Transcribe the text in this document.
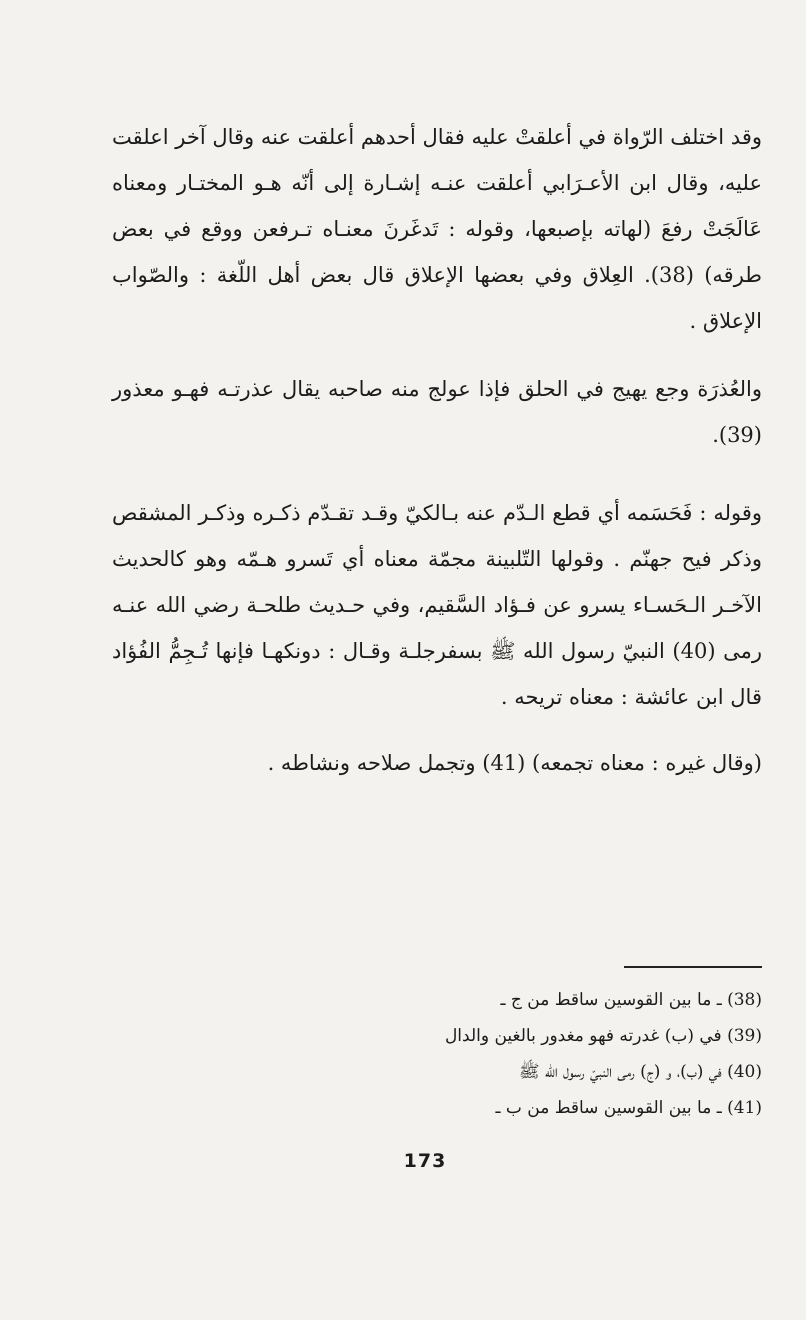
وقد اختلف الرّواة في أعلقتْ عليه فقال أحدهم أعلقت عنه وقال آخر اعلقت عليه، وقال ابن الأعـرَابي أعلقت عنـه إشـارة إلى أنّه هـو المختـار ومعناه عَالَجَتْ رفعَ (لهاته بإصبعها، وقوله : تَدغَرنَ معنـاه تـرفعن ووقع في بعض طرقه) (38). العِلاق وفي بعضها الإعلاق قال بعض أهل اللّغة : والصّواب الإعلاق .

والعُذرَة وجع يهيج في الحلق فإذا عولج منه صاحبه يقال عذرتـه فهـو معذور (39).

وقوله : فَحَسَمه أي قطع الـدّم عنه بـالكيّ وقـد تقـدّم ذكـره وذكـر المشقص وذكر فيح جهنّم . وقولها التّلبينة مجمّة معناه أي تَسرو هـمّه وهو كالحديث الآخـر الـحَسـاء يسرو عن فـؤاد السَّقيم، وفي حـديث طلحـة رضي الله عنـه رمى (40) النبيّ رسول الله ﷺ بسفرجلـة وقـال : دونكهـا فإنها تُـجِمُّ الفُؤاد قال ابن عائشة : معناه تريحه .

(وقال غيره : معناه تجمعه) (41) وتجمل صلاحه ونشاطه .

(38) ـ ما بين القوسين ساقط من ج ـ
(39) في (ب) غدرته فهو مغدور بالغين والدال
(40) في (ب)، و (ج) رمى النبيّ رسول الله ﷺ
(41) ـ ما بين القوسين ساقط من ب ـ
173
